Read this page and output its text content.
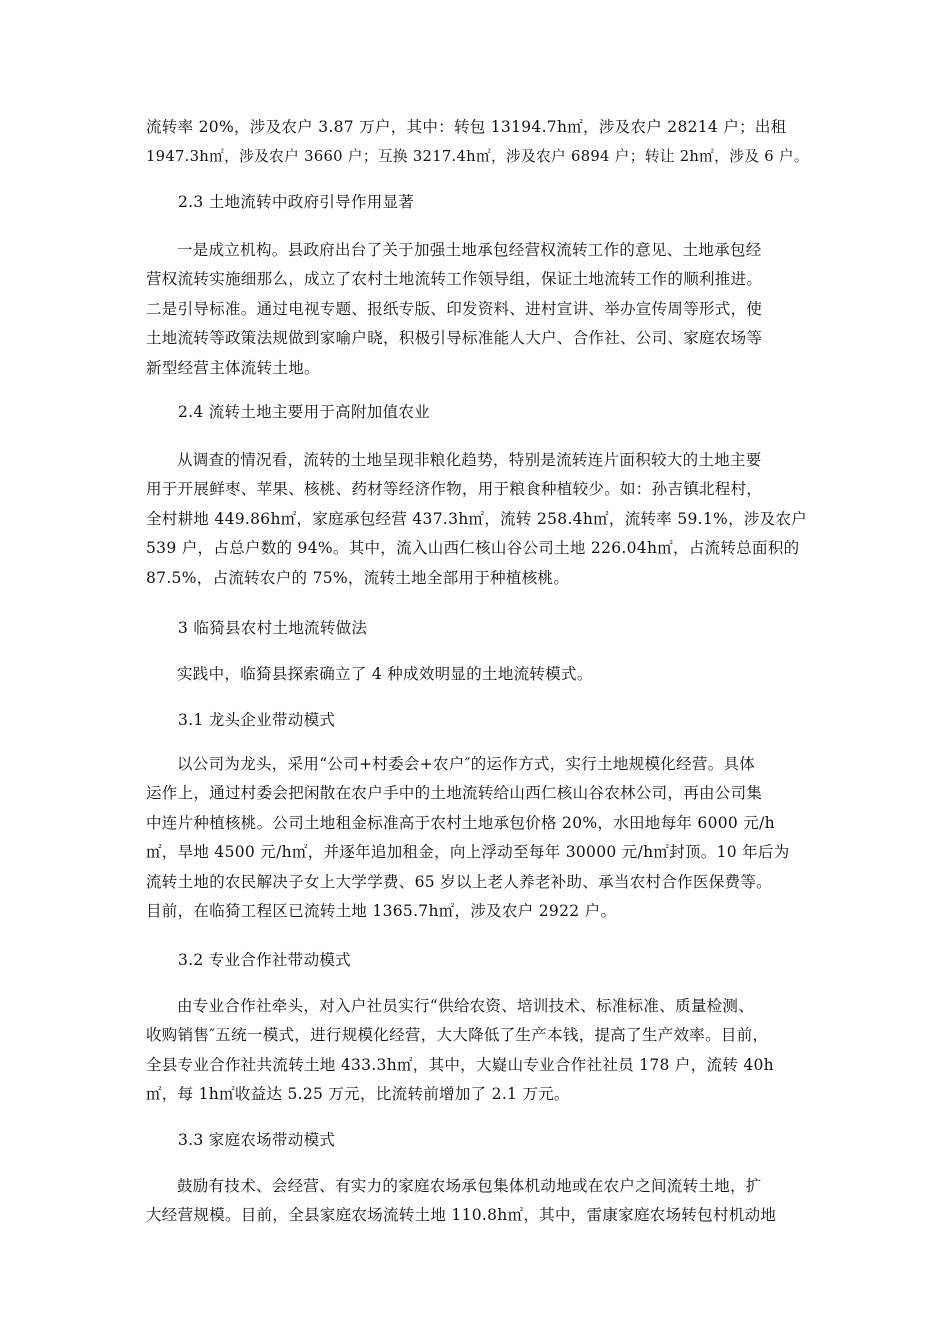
流转率 20%，涉及农户 3.87 万户，其中：转包 13194.7h㎡，涉及农户 28214 户；出租
1947.3h㎡，涉及农户 3660 户；互换 3217.4h㎡，涉及农户 6894 户；转让 2h㎡，涉及 6 户。
2.3 土地流转中政府引导作用显著
一是成立机构。县政府出台了关于加强土地承包经营权流转工作的意见、土地承包经
营权流转实施细那么，成立了农村土地流转工作领导组，保证土地流转工作的顺利推进。
二是引导标准。通过电视专题、报纸专版、印发资料、进村宣讲、举办宣传周等形式，使
土地流转等政策法规做到家喻户晓，积极引导标准能人大户、合作社、公司、家庭农场等
新型经营主体流转土地。
2.4 流转土地主要用于高附加值农业
从调查的情况看，流转的土地呈现非粮化趋势，特别是流转连片面积较大的土地主要
用于开展鲜枣、苹果、核桃、药材等经济作物，用于粮食种植较少。如：孙吉镇北程村，
全村耕地 449.86h㎡，家庭承包经营 437.3h㎡，流转 258.4h㎡，流转率 59.1%，涉及农户
539 户，占总户数的 94%。其中，流入山西仁核山谷公司土地 226.04h㎡，占流转总面积的
87.5%，占流转农户的 75%，流转土地全部用于种植核桃。
3 临猗县农村土地流转做法
实践中，临猗县探索确立了 4 种成效明显的土地流转模式。
3.1 龙头企业带动模式
以公司为龙头，采用“公司+村委会+农户″的运作方式，实行土地规模化经营。具体
运作上，通过村委会把闲散在农户手中的土地流转给山西仁核山谷农林公司，再由公司集
中连片种植核桃。公司土地租金标准高于农村土地承包价格 20%，水田地每年 6000 元/h
㎡，旱地 4500 元/h㎡，并逐年追加租金，向上浮动至每年 30000 元/h㎡封顶。10 年后为
流转土地的农民解决子女上大学学费、65 岁以上老人养老补助、承当农村合作医保费等。
目前，在临猗工程区已流转土地 1365.7h㎡，涉及农户 2922 户。
3.2 专业合作社带动模式
由专业合作社牵头，对入户社员实行“供给农资、培训技术、标准标准、质量检测、
收购销售″五统一模式，进行规模化经营，大大降低了生产本钱，提高了生产效率。目前，
全县专业合作社共流转土地 433.3h㎡，其中，大嶷山专业合作社社员 178 户，流转 40h
㎡，每 1h㎡收益达 5.25 万元，比流转前增加了 2.1 万元。
3.3 家庭农场带动模式
鼓励有技术、会经营、有实力的家庭农场承包集体机动地或在农户之间流转土地，扩
大经营规模。目前，全县家庭农场流转土地 110.8h㎡，其中，雷康家庭农场转包村机动地
